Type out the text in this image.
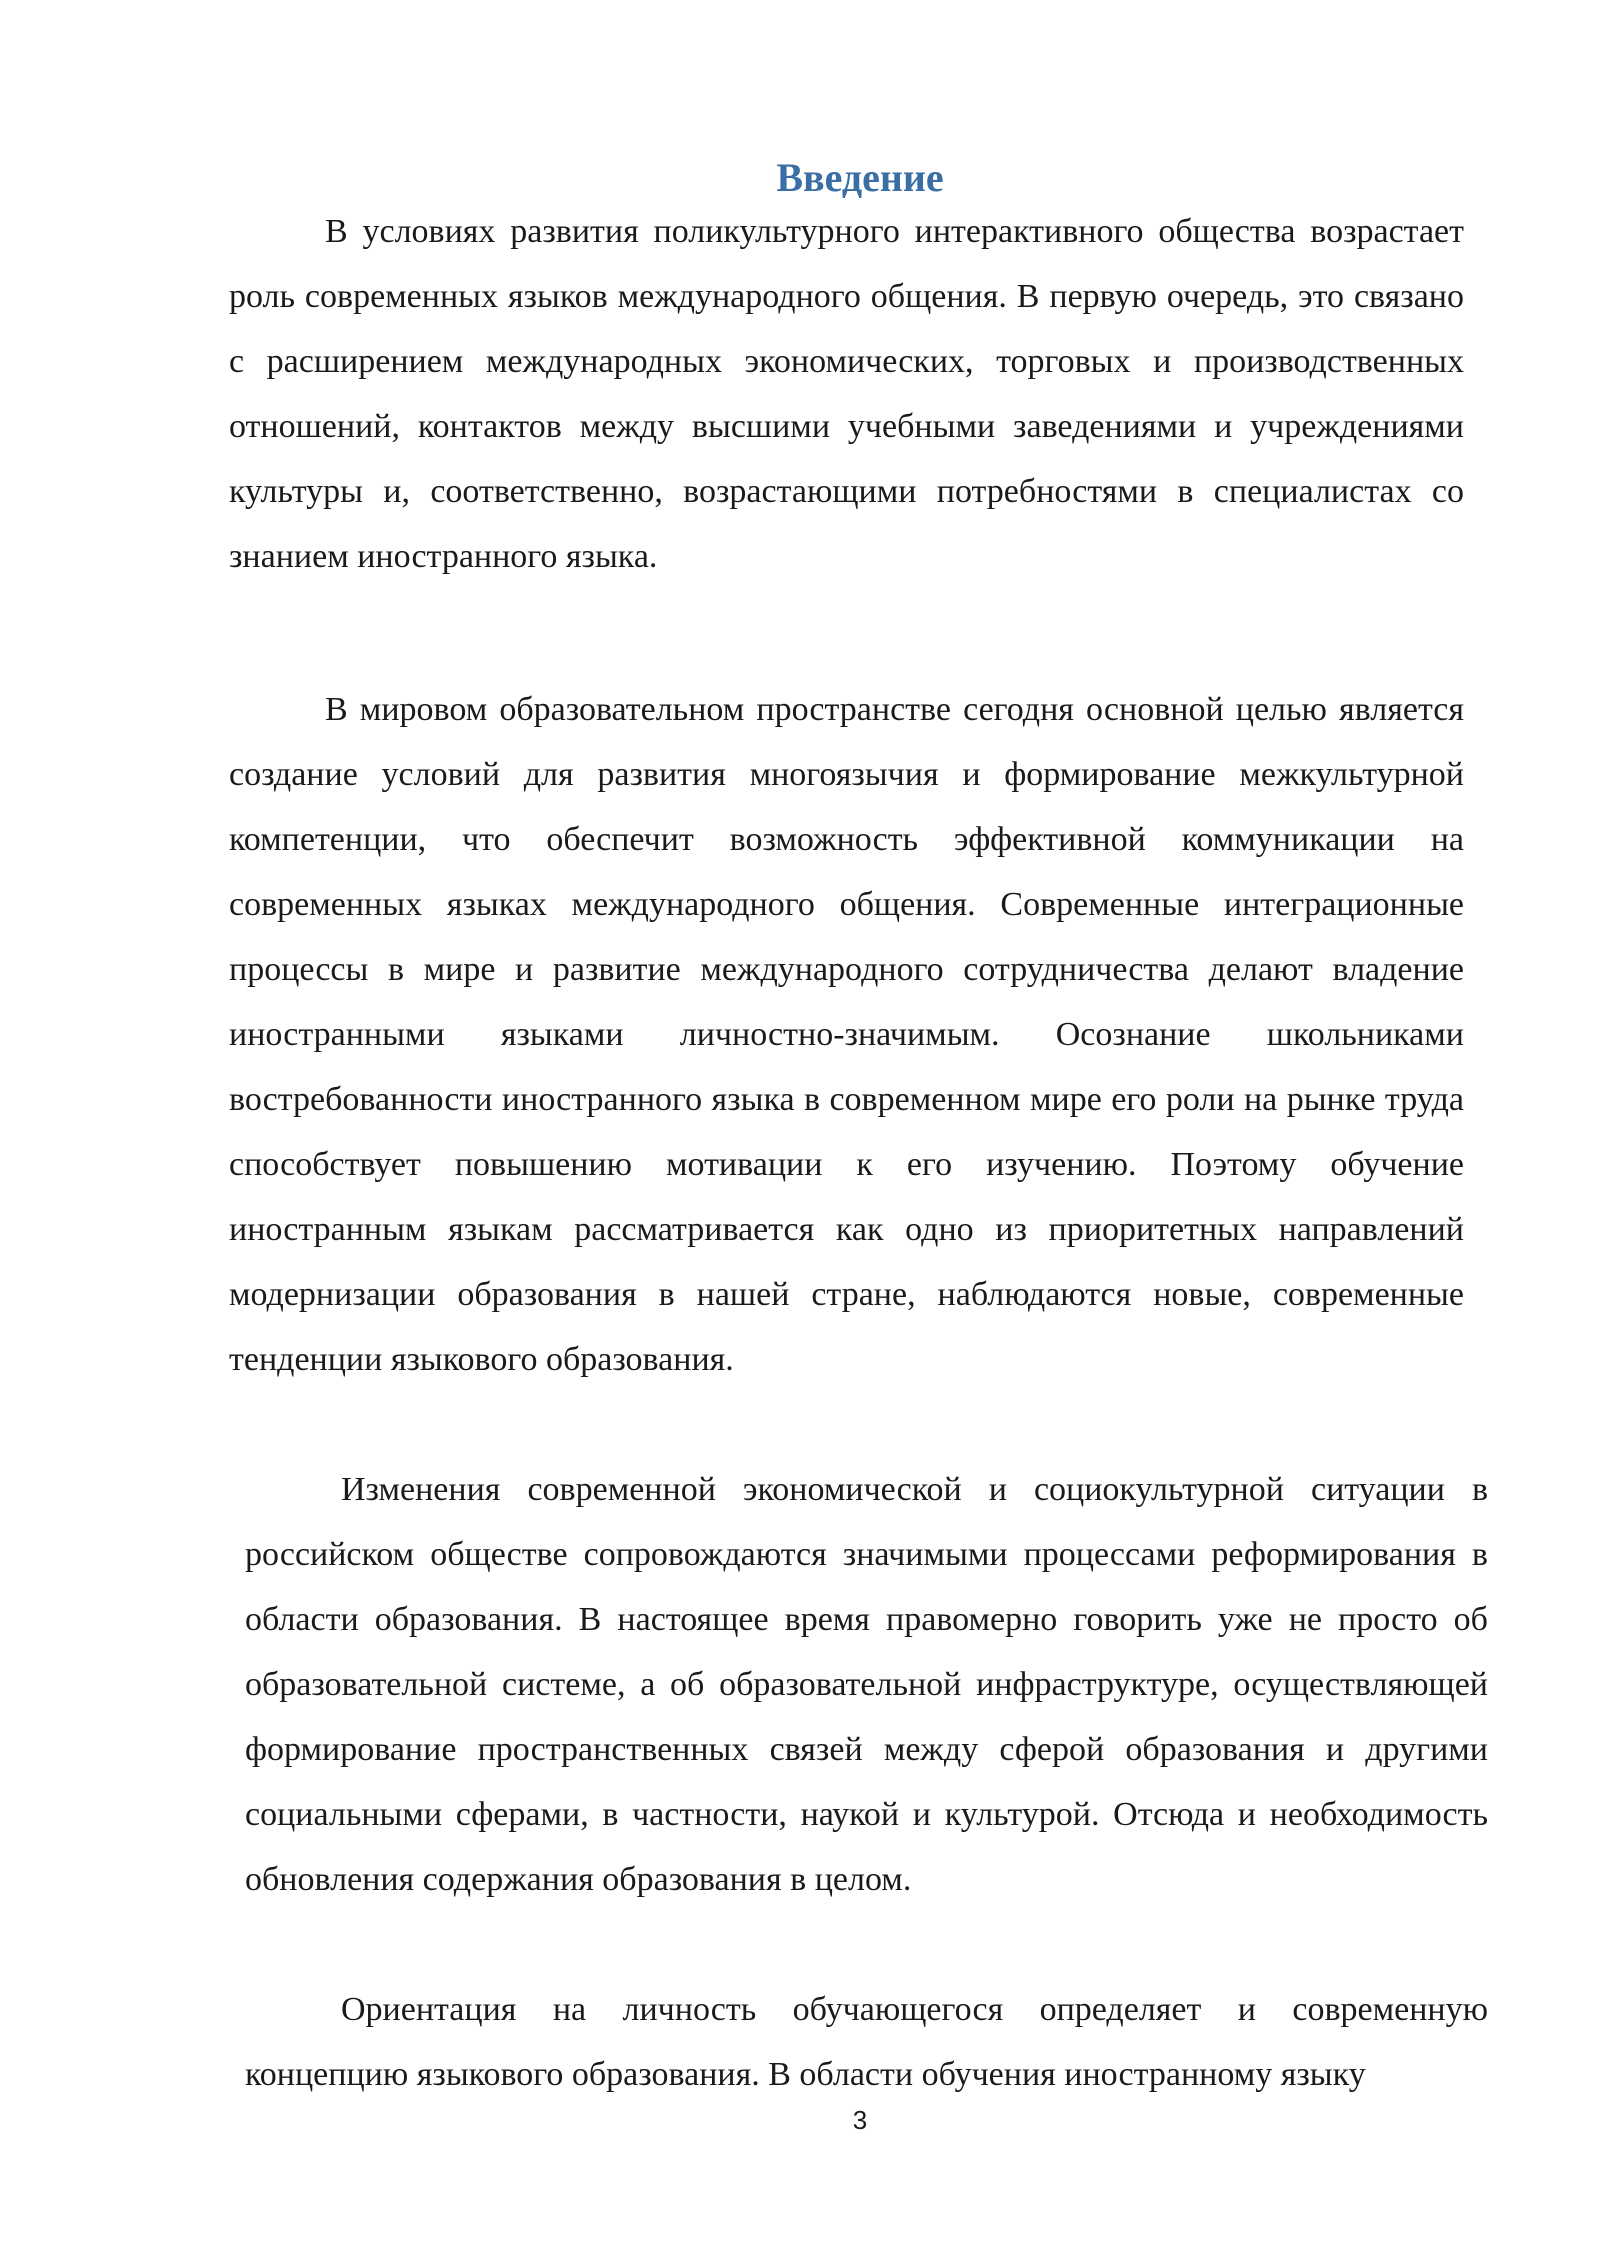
Введение

В условиях развития поликультурного интерактивного общества возрастает роль современных языков международного общения. В первую очередь, это связано с расширением международных экономических, торговых и производственных отношений, контактов между высшими учебными заведениями и учреждениями культуры и, соответственно, возрастающими потребностями в специалистах со знанием иностранного языка.

В мировом образовательном пространстве сегодня основной целью является создание условий для развития многоязычия и формирование межкультурной компетенции, что обеспечит возможность эффективной коммуникации на современных языках международного общения. Современные интеграционные процессы в мире и развитие международного сотрудничества делают владение иностранными языками личностно-значимым. Осознание школьниками востребованности иностранного языка в современном мире его роли на рынке труда способствует повышению мотивации к его изучению. Поэтому обучение иностранным языкам рассматривается как одно из приоритетных направлений модернизации образования в нашей стране, наблюдаются новые, современные тенденции языкового образования.

Изменения современной экономической и социокультурной ситуации в российском обществе сопровождаются значимыми процессами реформирования в области образования. В настоящее время правомерно говорить уже не просто об образовательной системе, а об образовательной инфраструктуре, осуществляющей формирование пространственных связей между сферой образования и другими социальными сферами, в частности, наукой и культурой. Отсюда и необходимость обновления содержания образования в целом.

Ориентация на личность обучающегося определяет и современную концепцию языкового образования. В области обучения иностранному языку

3
